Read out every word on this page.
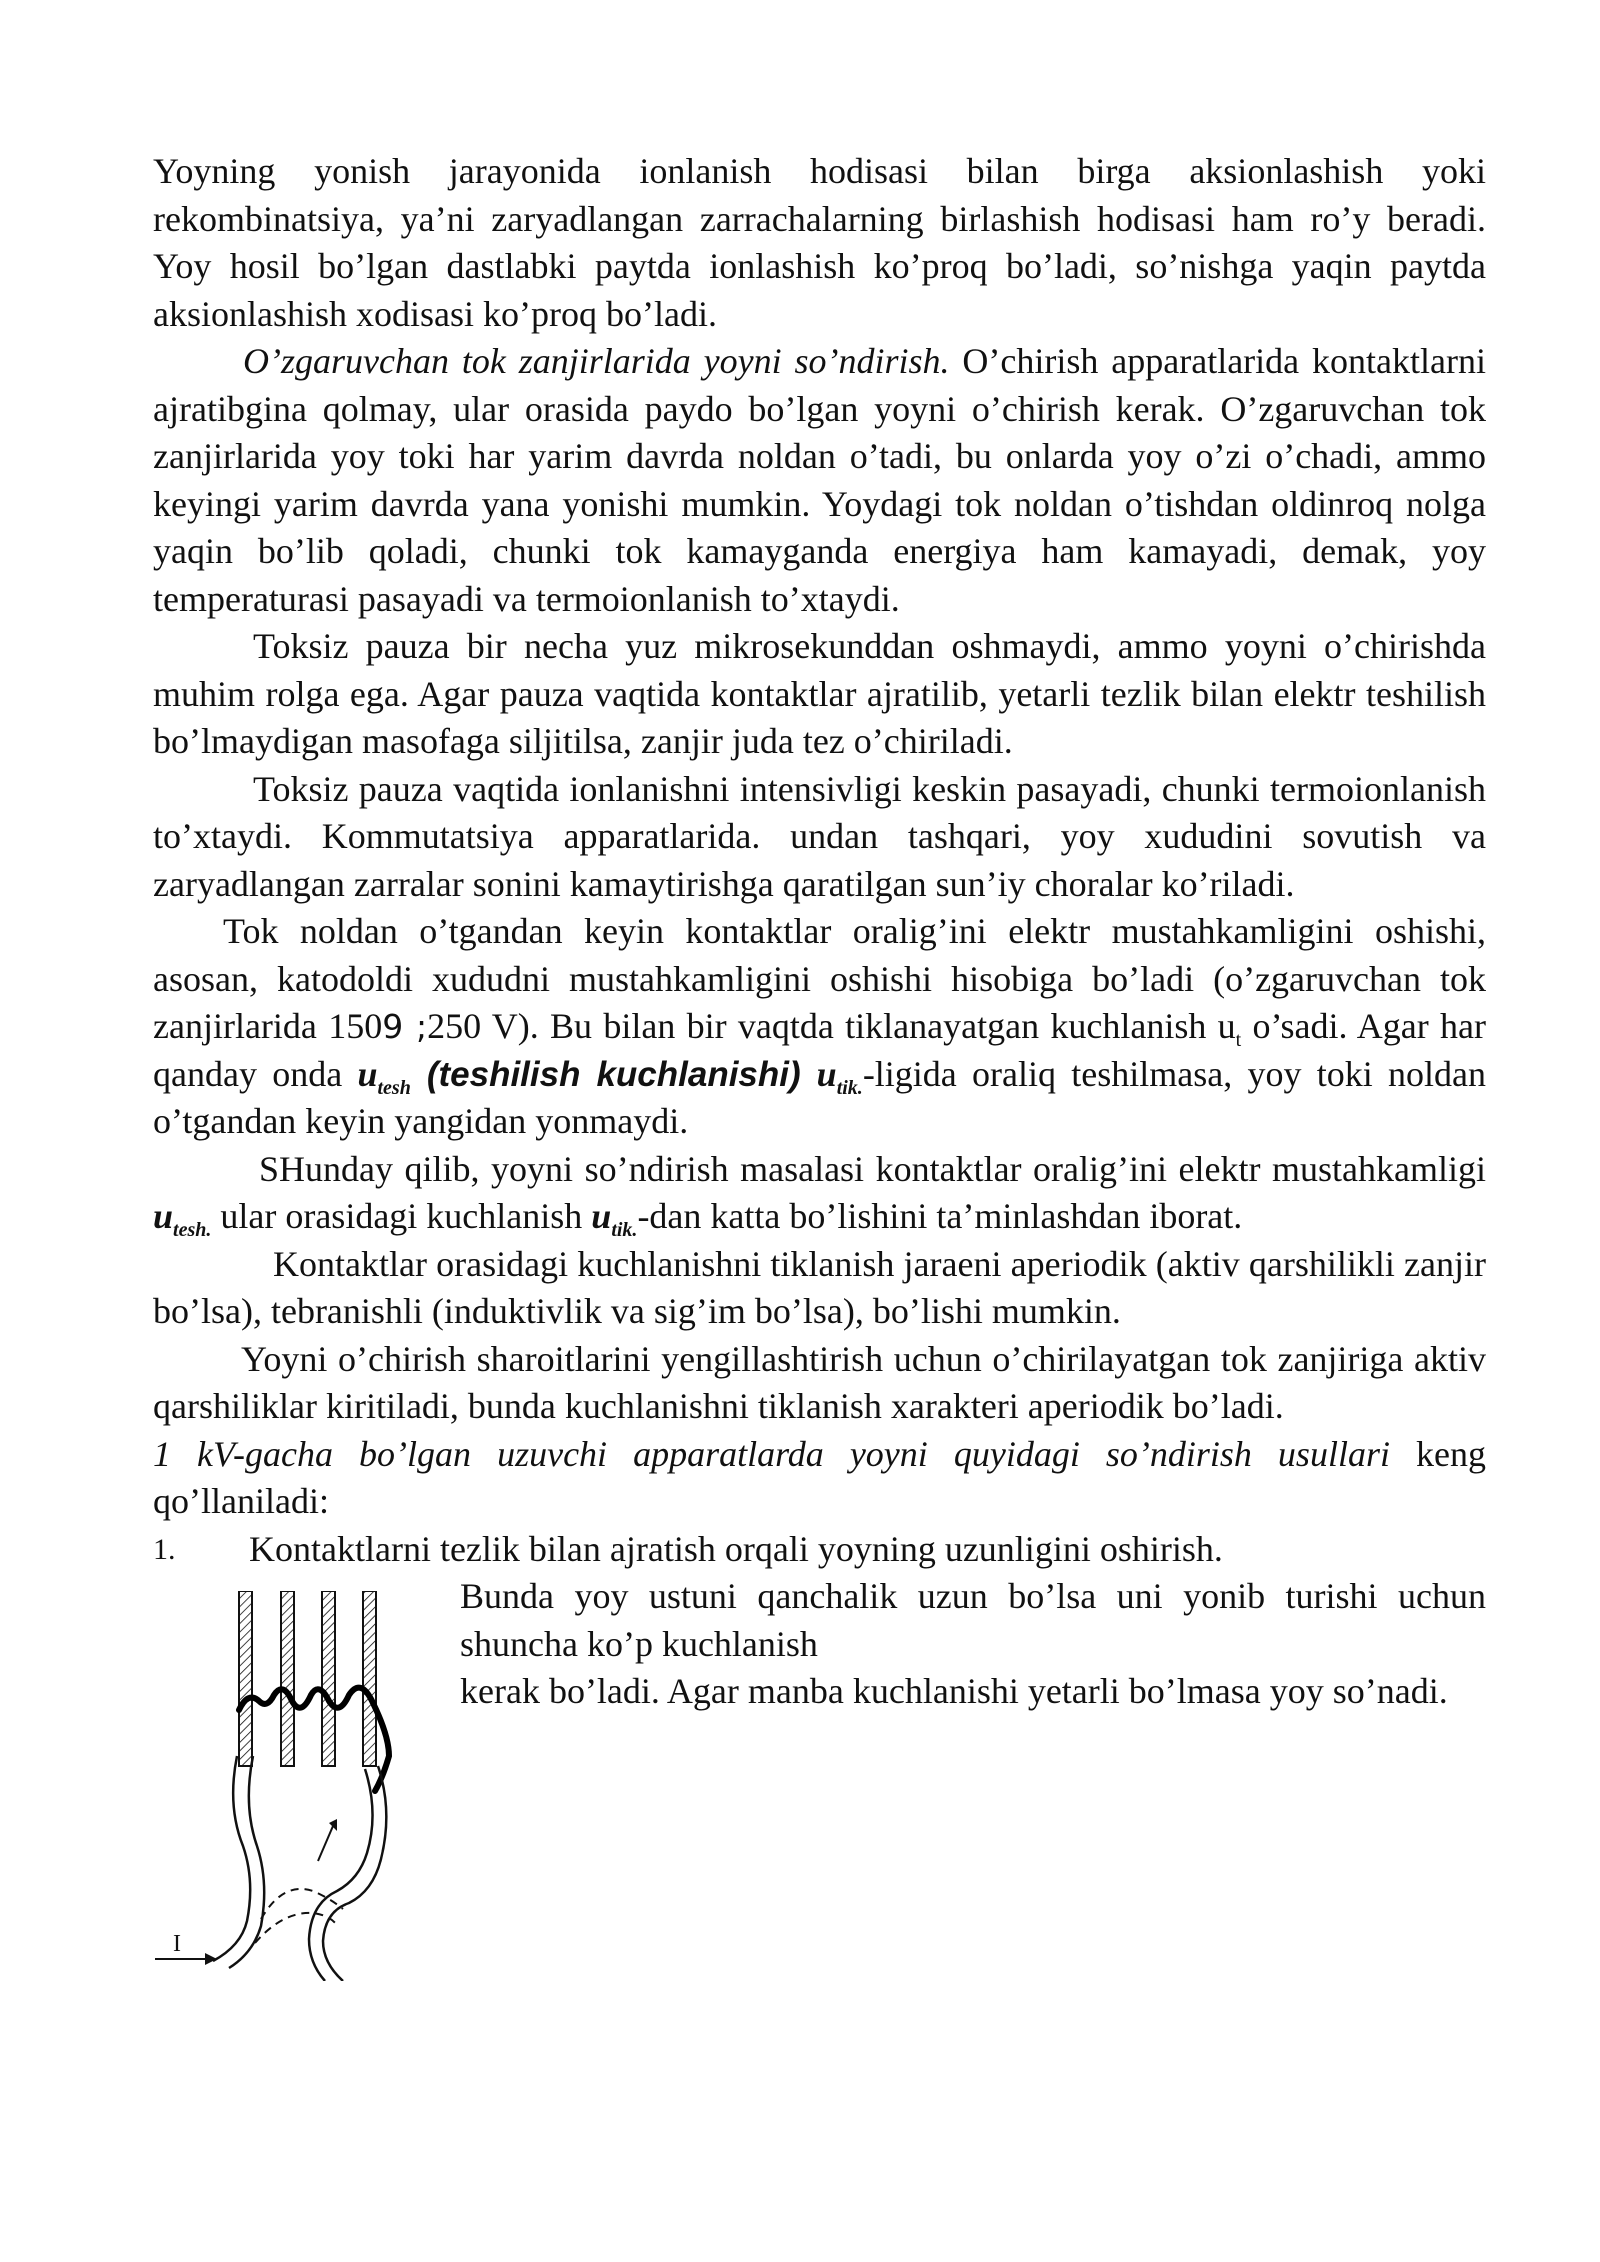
Yoyning yonish jarayonida ionlanish hodisasi bilan birga aksionlashish yoki rekombinatsiya, ya’ni zaryadlangan zarrachalarning birlashish hodisasi ham ro’y beradi. Yoy hosil bo’lgan dastlabki paytda ionlashish ko’proq bo’ladi, so’nishga yaqin paytda aksionlashish xodisasi ko’proq bo’ladi.

O’zgaruvchan tok zanjirlarida yoyni so’ndirish. O’chirish apparatlarida kontaktlarni ajratibgina qolmay, ular orasida paydo bo’lgan yoyni o’chirish kerak. O’zgaruvchan tok zanjirlarida yoy toki har yarim davrda noldan o’tadi, bu onlarda yoy o’zi o’chadi, ammo keyingi yarim davrda yana yonishi mumkin. Yoydagi tok noldan o’tishdan oldinroq nolga yaqin bo’lib qoladi, chunki tok kamayganda energiya ham kamayadi, demak, yoy temperaturasi pasayadi va termoionlanish to’xtaydi.

Toksiz pauza bir necha yuz mikrosekunddan oshmaydi, ammo yoyni o’chirishda muhim rolga ega. Agar pauza vaqtida kontaktlar ajratilib, yetarli tezlik bilan elektr teshilish bo’lmaydigan masofaga siljitilsa, zanjir juda tez o’chiriladi.

Toksiz pauza vaqtida ionlanishni intensivligi keskin pasayadi, chunki termoionlanish to’xtaydi. Kommutatsiya apparatlarida. undan tashqari, yoy xududini sovutish va zaryadlangan zarralar sonini kamaytirishga qaratilgan sun’iy choralar ko’riladi.

Tok noldan o’tgandan keyin kontaktlar oralig’ini elektr mustahkamligini oshishi, asosan, katodoldi xududni mustahkamligini oshishi hisobiga bo’ladi (o’zgaruvchan tok zanjirlarida 1509 ;250 V). Bu bilan bir vaqtda tiklanayatgan kuchlanish $u_t$ o’sadi. Agar har qanday onda $u_{tesh}$ (teshilish kuchlanishi) $u_{tik.}$-ligida oraliq teshilmasa, yoy toki noldan o’tgandan keyin yangidan yonmaydi.

SHunday qilib, yoyni so’ndirish masalasi kontaktlar oralig’ini elektr mustahkamligi $u_{tesh.}$ ular orasidagi kuchlanish $u_{tik.}$-dan katta bo’lishini ta’minlashdan iborat.

Kontaktlar orasidagi kuchlanishni tiklanish jaraeni aperiodik (aktiv qarshilikli zanjir bo’lsa), tebranishli (induktivlik va sig’im bo’lsa), bo’lishi mumkin.

Yoyni o’chirish sharoitlarini yengillashtirish uchun o’chirilayatgan tok zanjiriga aktiv qarshiliklar kiritiladi, bunda kuchlanishni tiklanish xarakteri aperiodik bo’ladi.

1 kV-gacha bo’lgan uzuvchi apparatlarda yoyni quyidagi so’ndirish usullari keng qo’llaniladi:

1.	Kontaktlarni tezlik bilan ajratish orqali yoyning uzunligini oshirish.
I

Bunda yoy ustuni qanchalik uzun bo’lsa uni yonib turishi uchun shuncha ko’p kuchlanish

kerak bo’ladi. Agar manba kuchlanishi yetarli bo’lmasa yoy so’nadi.
